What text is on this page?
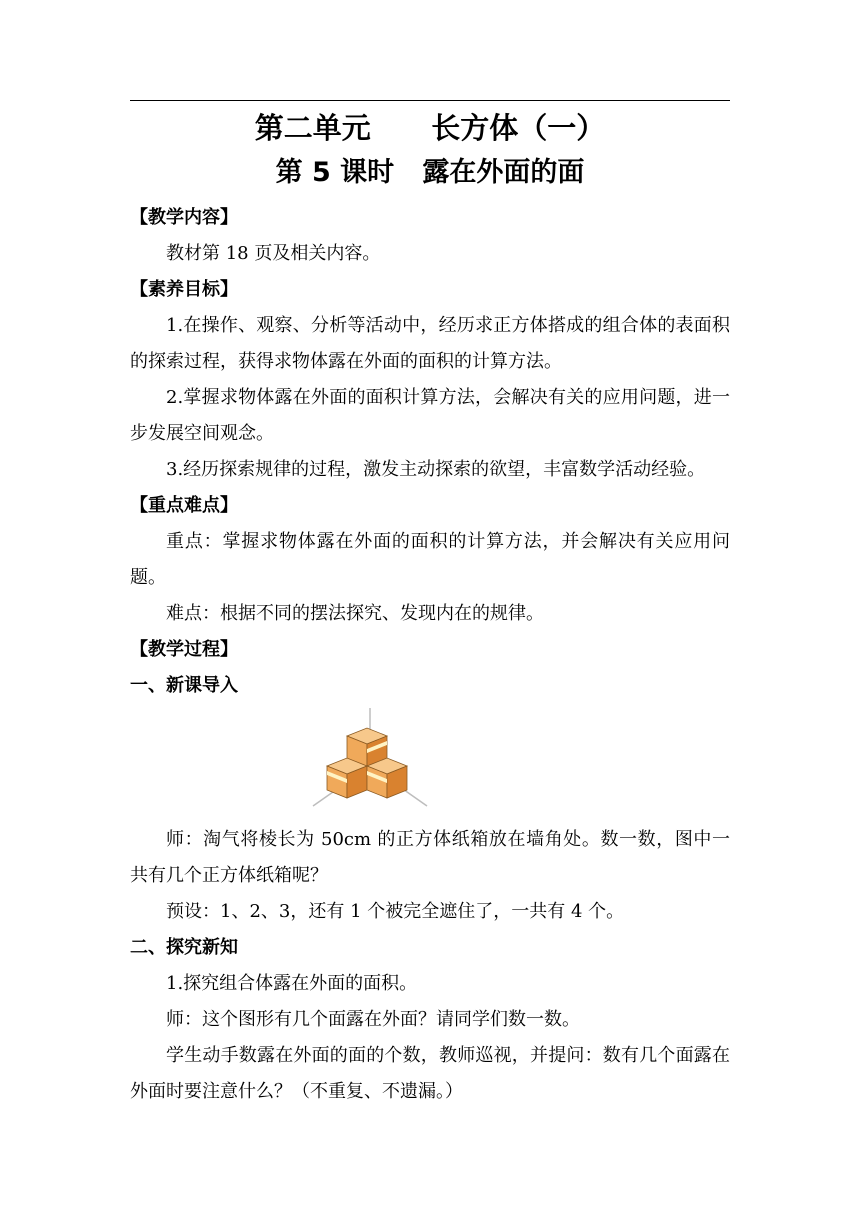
第二单元      长方体（一）
第 5 课时   露在外面的面
【教学内容】
教材第 18 页及相关内容。
【素养目标】
1.在操作、观察、分析等活动中，经历求正方体搭成的组合体的表面积的探索过程，获得求物体露在外面的面积的计算方法。
2.掌握求物体露在外面的面积计算方法，会解决有关的应用问题，进一步发展空间观念。
3.经历探索规律的过程，激发主动探索的欲望，丰富数学活动经验。
【重点难点】
重点：掌握求物体露在外面的面积的计算方法，并会解决有关应用问题。
难点：根据不同的摆法探究、发现内在的规律。
【教学过程】
一、新课导入
师：淘气将棱长为 50cm 的正方体纸箱放在墙角处。数一数，图中一共有几个正方体纸箱呢？
预设：1、2、3，还有 1 个被完全遮住了，一共有 4 个。
二、探究新知
1.探究组合体露在外面的面积。
师：这个图形有几个面露在外面？请同学们数一数。
学生动手数露在外面的面的个数，教师巡视，并提问：数有几个面露在外面时要注意什么？（不重复、不遗漏。）
